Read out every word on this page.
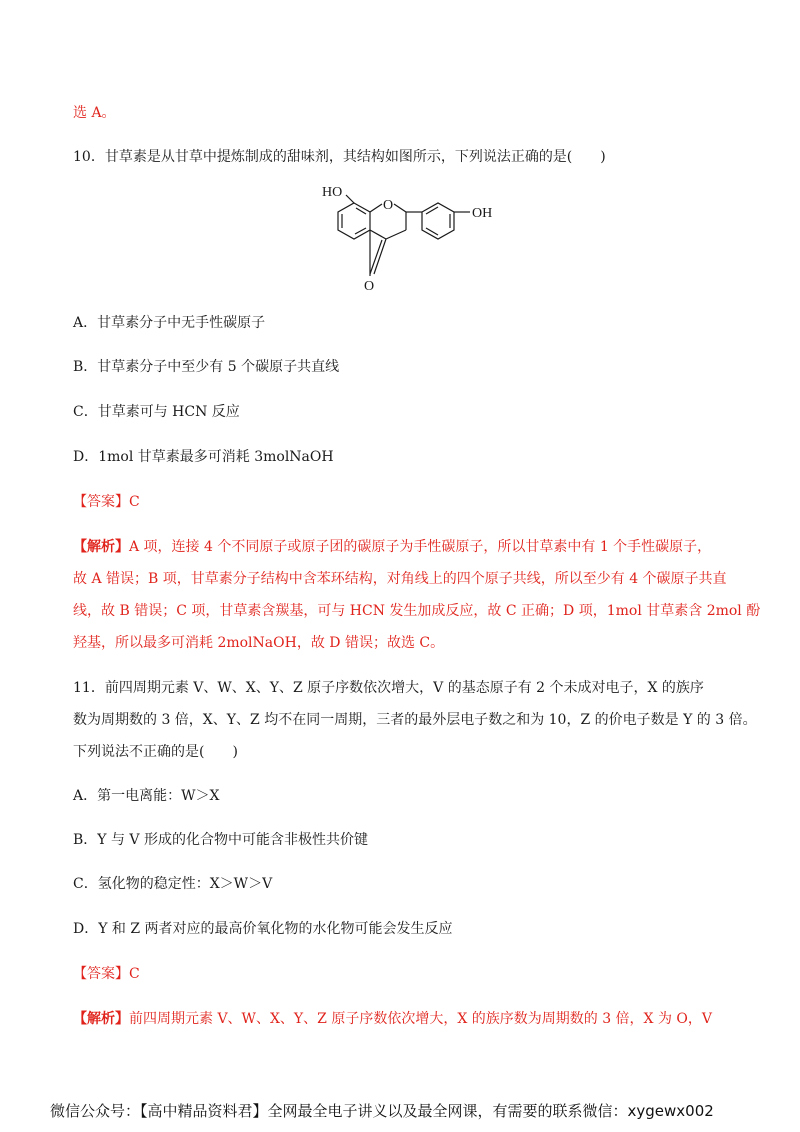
选 A。
10．甘草素是从甘草中提炼制成的甜味剂，其结构如图所示，下列说法正确的是(　　)
HO
O
OH
O
A．甘草素分子中无手性碳原子
B．甘草素分子中至少有 5 个碳原子共直线
C．甘草素可与 HCN 反应
D．1mol 甘草素最多可消耗 3molNaOH
【答案】C
【解析】A 项，连接 4 个不同原子或原子团的碳原子为手性碳原子，所以甘草素中有 1 个手性碳原子，
故 A 错误；B 项，甘草素分子结构中含苯环结构，对角线上的四个原子共线，所以至少有 4 个碳原子共直
线，故 B 错误；C 项，甘草素含羰基，可与 HCN 发生加成反应，故 C 正确；D 项，1mol 甘草素含 2mol 酚
羟基，所以最多可消耗 2molNaOH，故 D 错误；故选 C。
11．前四周期元素 V、W、X、Y、Z 原子序数依次增大，V 的基态原子有 2 个未成对电子，X 的族序
数为周期数的 3 倍，X、Y、Z 均不在同一周期，三者的最外层电子数之和为 10，Z 的价电子数是 Y 的 3 倍。
下列说法不正确的是(　　)
A．第一电离能：W＞X
B．Y 与 V 形成的化合物中可能含非极性共价键
C．氢化物的稳定性：X＞W＞V
D．Y 和 Z 两者对应的最高价氧化物的水化物可能会发生反应
【答案】C
【解析】前四周期元素 V、W、X、Y、Z 原子序数依次增大，X 的族序数为周期数的 3 倍，X 为 O，V
微信公众号：【高中精品资料君】全网最全电子讲义以及最全网课，有需要的联系微信：xygewx002
